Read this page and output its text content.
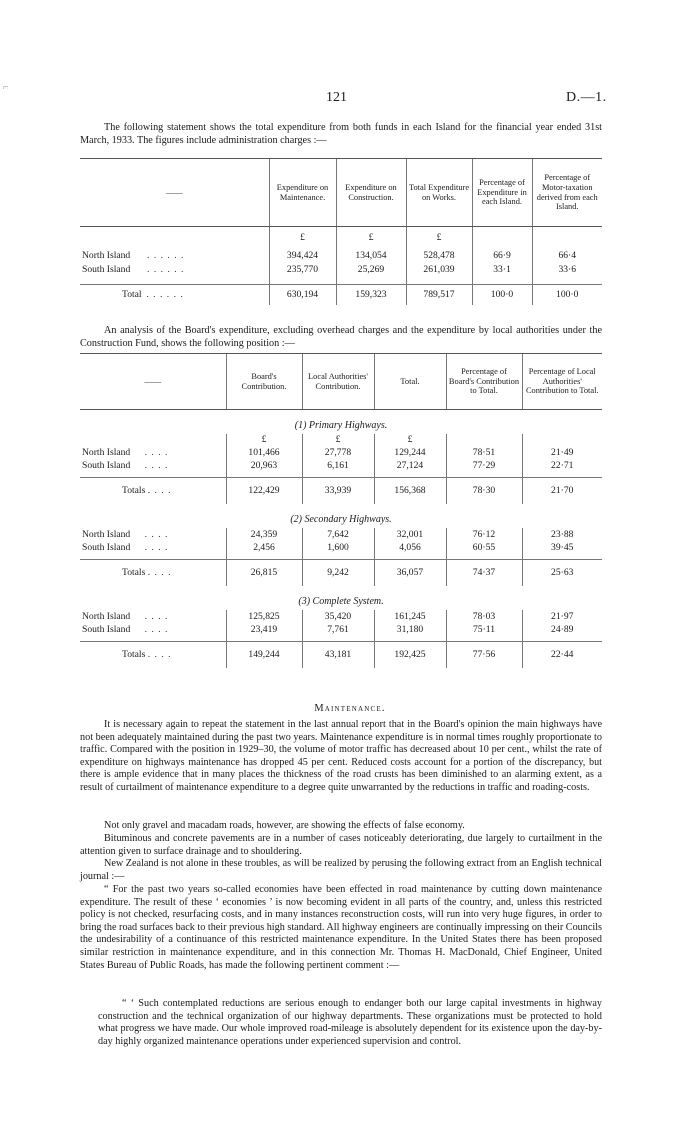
⌐
121	D.—1.
The following statement shows the total expenditure from both funds in each Island for the financial year ended 31st March, 1933. The figures include administration charges :—
——	Expenditure on Maintenance.	Expenditure on Construction.	Total Expenditure on Works.	Percentage of Expenditure in each Island.	Percentage of Motor-taxation derived from each Island.
	£	£	£		
North Island . . . . . .	394,424	134,054	528,478	66·9	66·4
South Island . . . . . .	235,770	25,269	261,039	33·1	33·6

Total . . . . . .	630,194	159,323	789,517	100·0	100·0
An analysis of the Board's expenditure, excluding overhead charges and the expenditure by local authorities under the Construction Fund, shows the following position :—
——	Board's Contribution.	Local Authorities' Contribution.	Total.	Percentage of Board's Contribution to Total.	Percentage of Local Authorities' Contribution to Total.
(1) Primary Highways.					
	£	£	£		
North Island . . . .	101,466	27,778	129,244	78·51	21·49
South Island . . . .	20,963	6,161	27,124	77·29	22·71

Totals . . . .	122,429	33,939	156,368	78·30	21·70
(2) Secondary Highways.					
North Island . . . .	24,359	7,642	32,001	76·12	23·88
South Island . . . .	2,456	1,600	4,056	60·55	39·45

Totals . . . .	26,815	9,242	36,057	74·37	25·63
(3) Complete System.					
North Island . . . .	125,825	35,420	161,245	78·03	21·97
South Island . . . .	23,419	7,761	31,180	75·11	24·89

Totals . . . .	149,244	43,181	192,425	77·56	22·44
Maintenance.
It is necessary again to repeat the statement in the last annual report that in the Board's opinion the main highways have not been adequately maintained during the past two years. Maintenance expenditure is in normal times roughly proportionate to traffic. Compared with the position in 1929–30, the volume of motor traffic has decreased about 10 per cent., whilst the rate of expenditure on highways maintenance has dropped 45 per cent. Reduced costs account for a portion of the discrepancy, but there is ample evidence that in many places the thickness of the road crusts has been diminished to an alarming extent, as a result of curtailment of maintenance expenditure to a degree quite unwarranted by the reductions in traffic and roading-costs.
Not only gravel and macadam roads, however, are showing the effects of false economy.
Bituminous and concrete pavements are in a number of cases noticeably deteriorating, due largely to curtailment in the attention given to surface drainage and to shouldering.
New Zealand is not alone in these troubles, as will be realized by perusing the following extract from an English technical journal :—
“ For the past two years so-called economies have been effected in road maintenance by cutting down maintenance expenditure. The result of these ‘ economies ’ is now becoming evident in all parts of the country, and, unless this restricted policy is not checked, resurfacing costs, and in many instances reconstruction costs, will run into very huge figures, in order to bring the road surfaces back to their previous high standard. All highway engineers are continually impressing on their Councils the undesirability of a continuance of this restricted maintenance expenditure. In the United States there has been proposed similar restriction in maintenance expenditure, and in this connection Mr. Thomas H. MacDonald, Chief Engineer, United States Bureau of Public Roads, has made the following pertinent comment :—
“ ‘ Such contemplated reductions are serious enough to endanger both our large capital investments in highway construction and the technical organization of our highway departments. These organizations must be protected to hold what progress we have made. Our whole improved road-mileage is absolutely dependent for its existence upon the day-by-day highly organized maintenance operations under experienced supervision and control.
